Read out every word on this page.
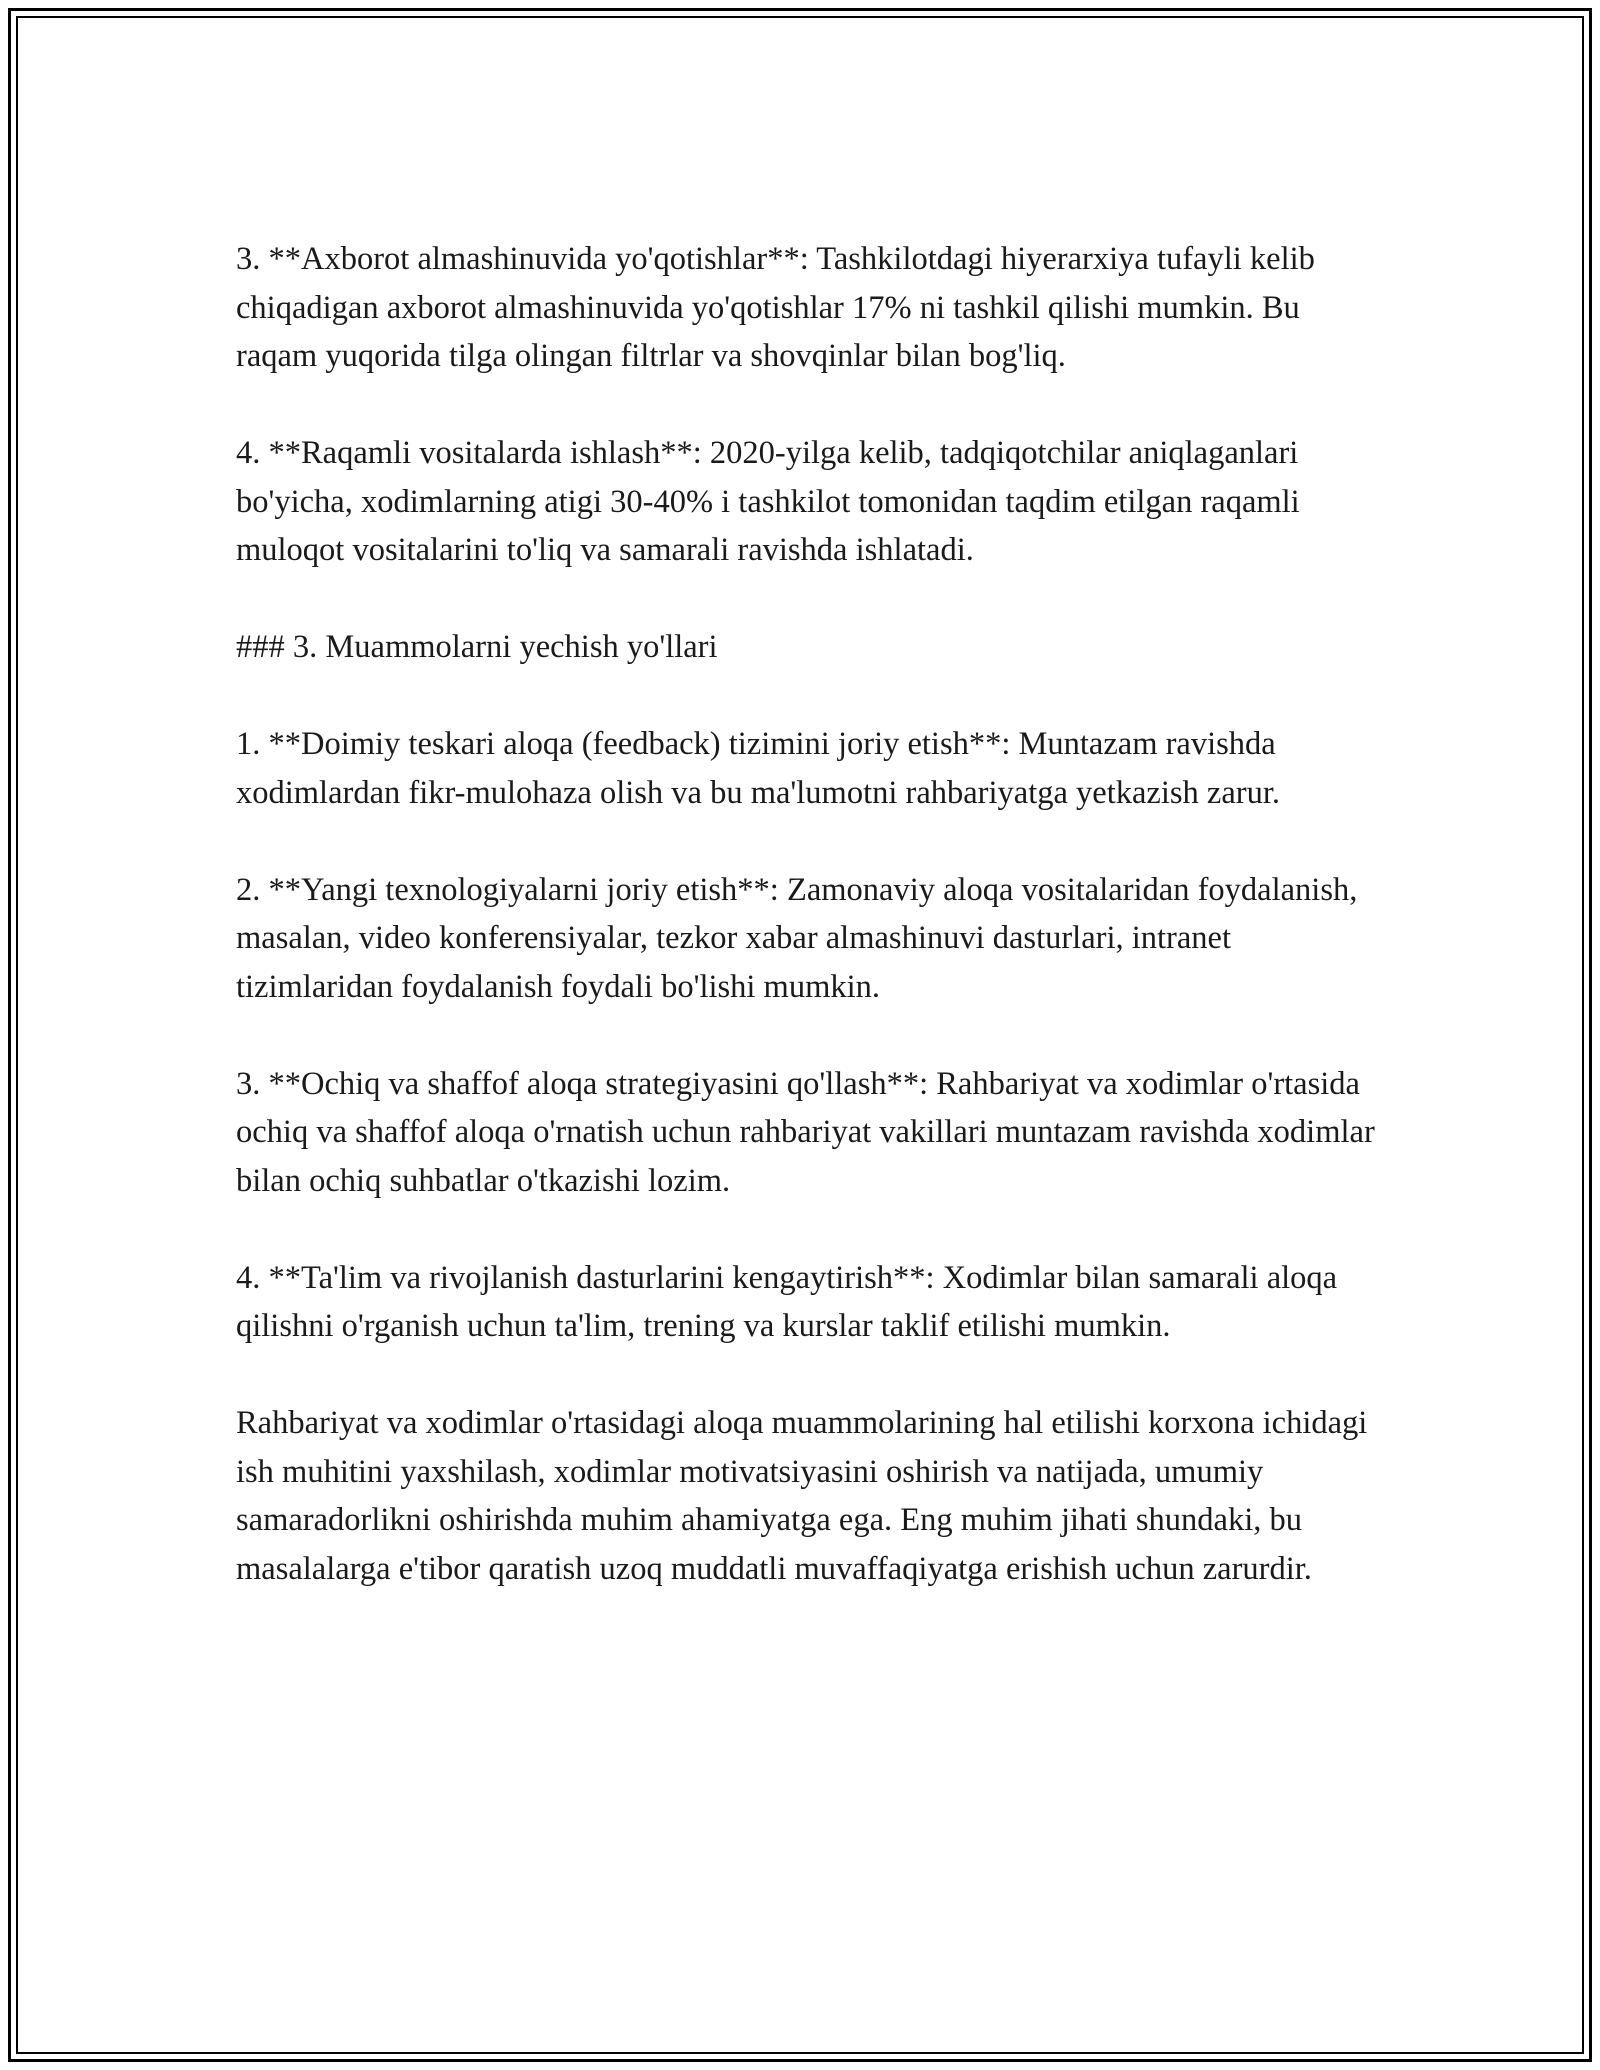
3. **Axborot almashinuvida yo'qotishlar**: Tashkilotdagi hiyerarxiya tufayli kelib chiqadigan axborot almashinuvida yo'qotishlar 17% ni tashkil qilishi mumkin. Bu raqam yuqorida tilga olingan filtrlar va shovqinlar bilan bog'liq.

4. **Raqamli vositalarda ishlash**: 2020-yilga kelib, tadqiqotchilar aniqlaganlari bo'yicha, xodimlarning atigi 30-40% i tashkilot tomonidan taqdim etilgan raqamli muloqot vositalarini to'liq va samarali ravishda ishlatadi.

### 3. Muammolarni yechish yo'llari

1. **Doimiy teskari aloqa (feedback) tizimini joriy etish**: Muntazam ravishda xodimlardan fikr-mulohaza olish va bu ma'lumotni rahbariyatga yetkazish zarur.

2. **Yangi texnologiyalarni joriy etish**: Zamonaviy aloqa vositalaridan foydalanish, masalan, video konferensiyalar, tezkor xabar almashinuvi dasturlari, intranet tizimlaridan foydalanish foydali bo'lishi mumkin.

3. **Ochiq va shaffof aloqa strategiyasini qo'llash**: Rahbariyat va xodimlar o'rtasida ochiq va shaffof aloqa o'rnatish uchun rahbariyat vakillari muntazam ravishda xodimlar bilan ochiq suhbatlar o'tkazishi lozim.

4. **Ta'lim va rivojlanish dasturlarini kengaytirish**: Xodimlar bilan samarali aloqa qilishni o'rganish uchun ta'lim, trening va kurslar taklif etilishi mumkin.

Rahbariyat va xodimlar o'rtasidagi aloqa muammolarining hal etilishi korxona ichidagi ish muhitini yaxshilash, xodimlar motivatsiyasini oshirish va natijada, umumiy samaradorlikni oshirishda muhim ahamiyatga ega. Eng muhim jihati shundaki, bu masalalarga e'tibor qaratish uzoq muddatli muvaffaqiyatga erishish uchun zarurdir.
